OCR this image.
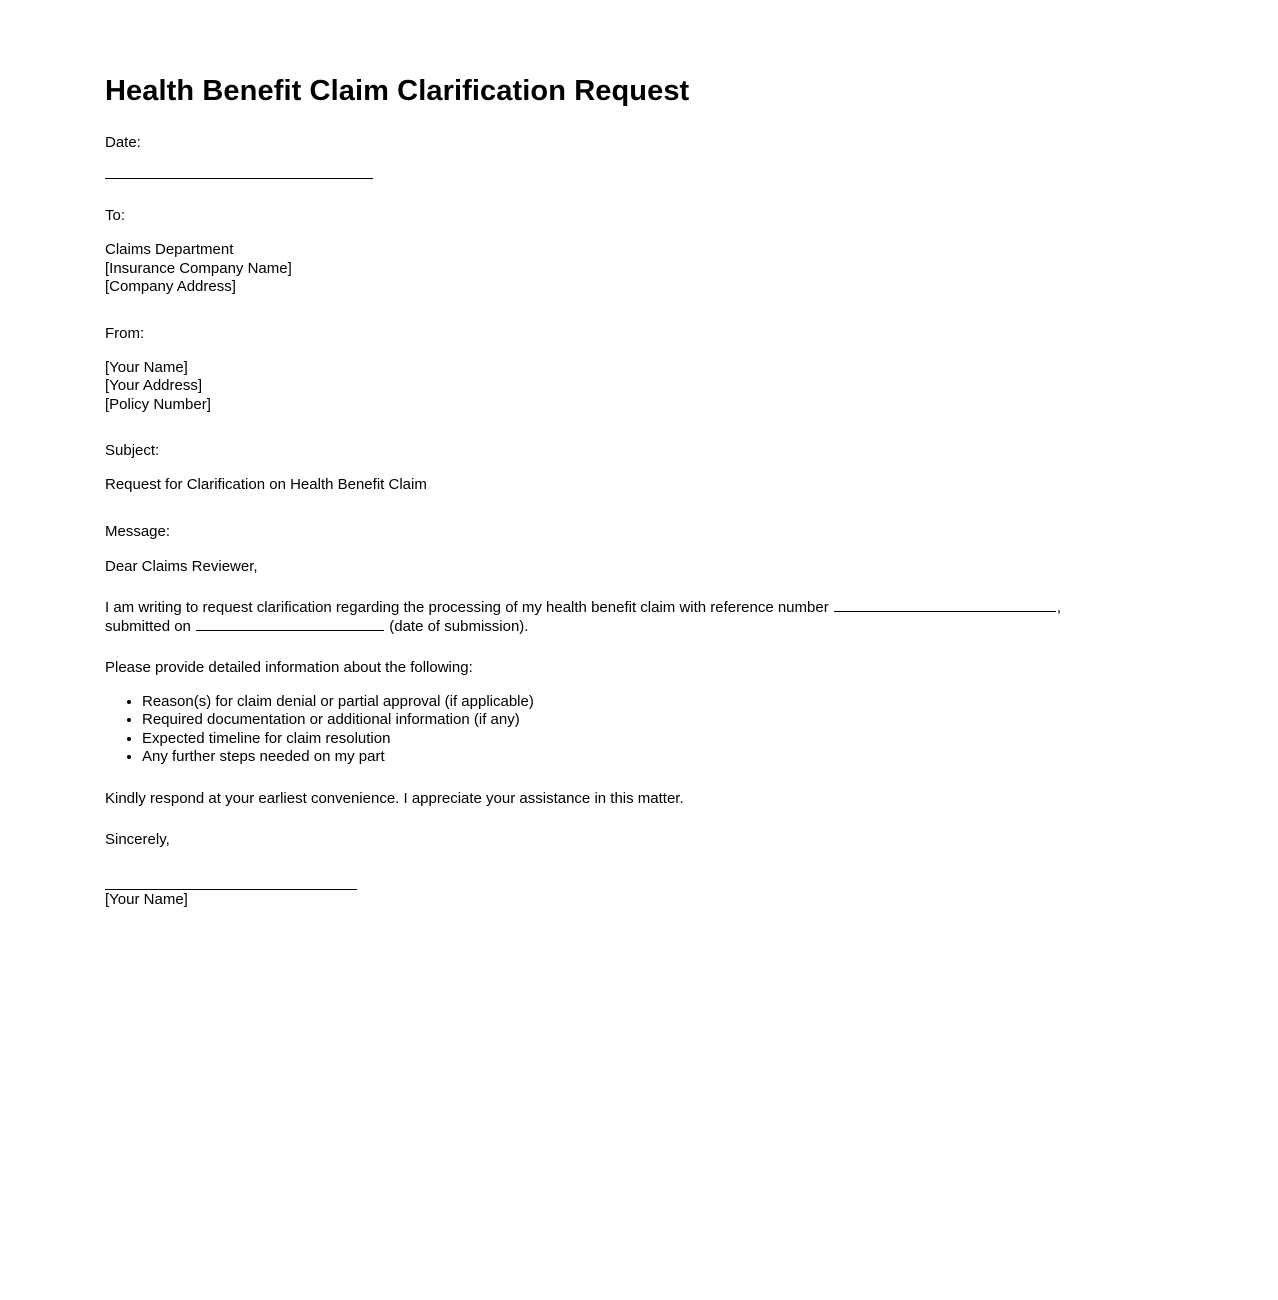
Health Benefit Claim Clarification Request

Date:

To:

Claims Department

[Insurance Company Name]

[Company Address]

From:

[Your Name]

[Your Address]

[Policy Number]

Subject:

Request for Clarification on Health Benefit Claim

Message:

Dear Claims Reviewer,

I am writing to request clarification regarding the processing of my health benefit claim with reference number	, submitted on	(date of submission).

Please provide detailed information about the following:

• Reason(s) for claim denial or partial approval (if applicable)
• Required documentation or additional information (if any)
• Expected timeline for claim resolution
• Any further steps needed on my part

Kindly respond at your earliest convenience. I appreciate your assistance in this matter.

Sincerely,

[Your Name]
